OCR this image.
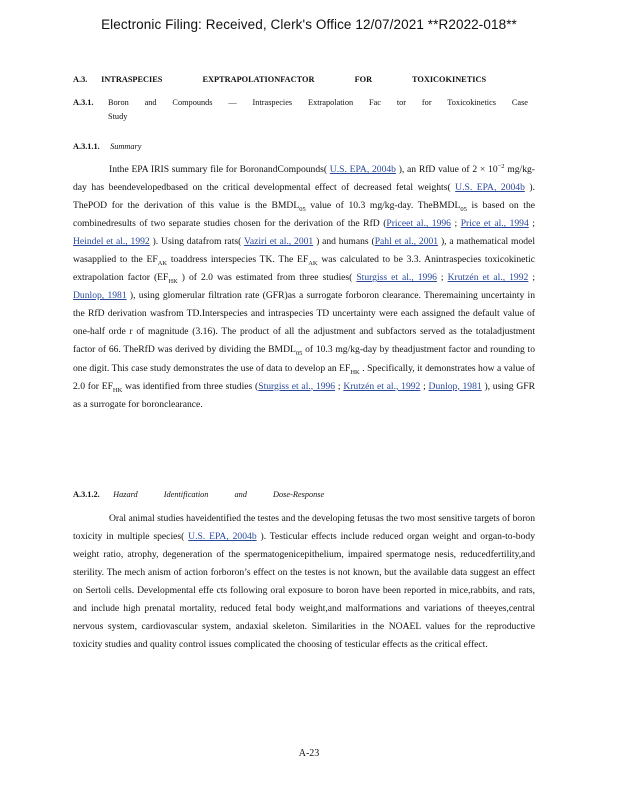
Electronic Filing: Received, Clerk's Office 12/07/2021 **R2022-018**
A.3. INTRASPECIES EXPTRAPOLATIONFACTOR FOR TOXICOKINETICS
A.3.1. Boron and Compounds — Intraspecies Extrapolation Fac tor for Toxicokinetics Case
Study
A.3.1.1. Summary
Inthe EPA IRIS summary file for BoronandCompounds( U.S. EPA, 2004b ), an RfD value of $2 \times 10^{-2}$ mg/kg-day has beendevelopedbased on the critical developmental effect of decreased fetal weights( U.S. EPA, 2004b ). ThePOD for the derivation of this value is the $BMDL_{05}$ value of 10.3 mg/kg-day. TheBMDL$_{05}$ is based on the combinedresults of two separate studies chosen for the derivation of the RfD (Priceet al., 1996 ; Price et al., 1994 ; Heindel et al., 1992 ). Using datafrom rats( Vaziri et al., 2001 ) and humans (Pahl et al., 2001 ), a mathematical model wasapplied to the $EF_{AK}$ toaddress interspecies TK. The $EF_{AK}$ was calculated to be 3.3. Anintraspecies toxicokinetic extrapolation factor ($EF_{HK}$ ) of 2.0 was estimated from three studies( Sturgiss et al., 1996 ; Krutzén et al., 1992 ; Dunlop, 1981 ), using glomerular filtration rate (GFR)as a surrogate forboron clearance. Theremaining uncertainty in the RfD derivation wasfrom TD.Interspecies and intraspecies TD uncertainty were each assigned the default value of one-half orde r of magnitude (3.16). The product of all the adjustment and subfactors served as the totaladjustment factor of 66. TheRfD was derived by dividing the $BMDL_{05}$ of 10.3 mg/kg-day by theadjustment factor and rounding to one digit. This case study demonstrates the use of data to develop an $EF_{HK}$ . Specifically, it demonstrates how a value of 2.0 for $EF_{HK}$ was identified from three studies (Sturgiss et al., 1996 ; Krutzén et al., 1992 ; Dunlop, 1981 ), using GFR as a surrogate for boronclearance.
A.3.1.2. Hazard Identification and Dose-Response
Oral animal studies haveidentified the testes and the developing fetusas the two most sensitive targets of boron toxicity in multiple species( U.S. EPA, 2004b ). Testicular effects include reduced organ weight and organ-to-body weight ratio, atrophy, degeneration of the spermatogenicepithelium, impaired spermatoge nesis, reducedfertility,and sterility. The mech anism of action forboron’s effect on the testes is not known, but the available data suggest an effect on Sertoli cells. Developmental effe cts following oral exposure to boron have been reported in mice,rabbits, and rats, and include high prenatal mortality, reduced fetal body weight,and malformations and variations of theeyes,central nervous system, cardiovascular system, andaxial skeleton. Similarities in the NOAEL values for the reproductive toxicity studies and quality control issues complicated the choosing of testicular effects as the critical effect.
A-23
